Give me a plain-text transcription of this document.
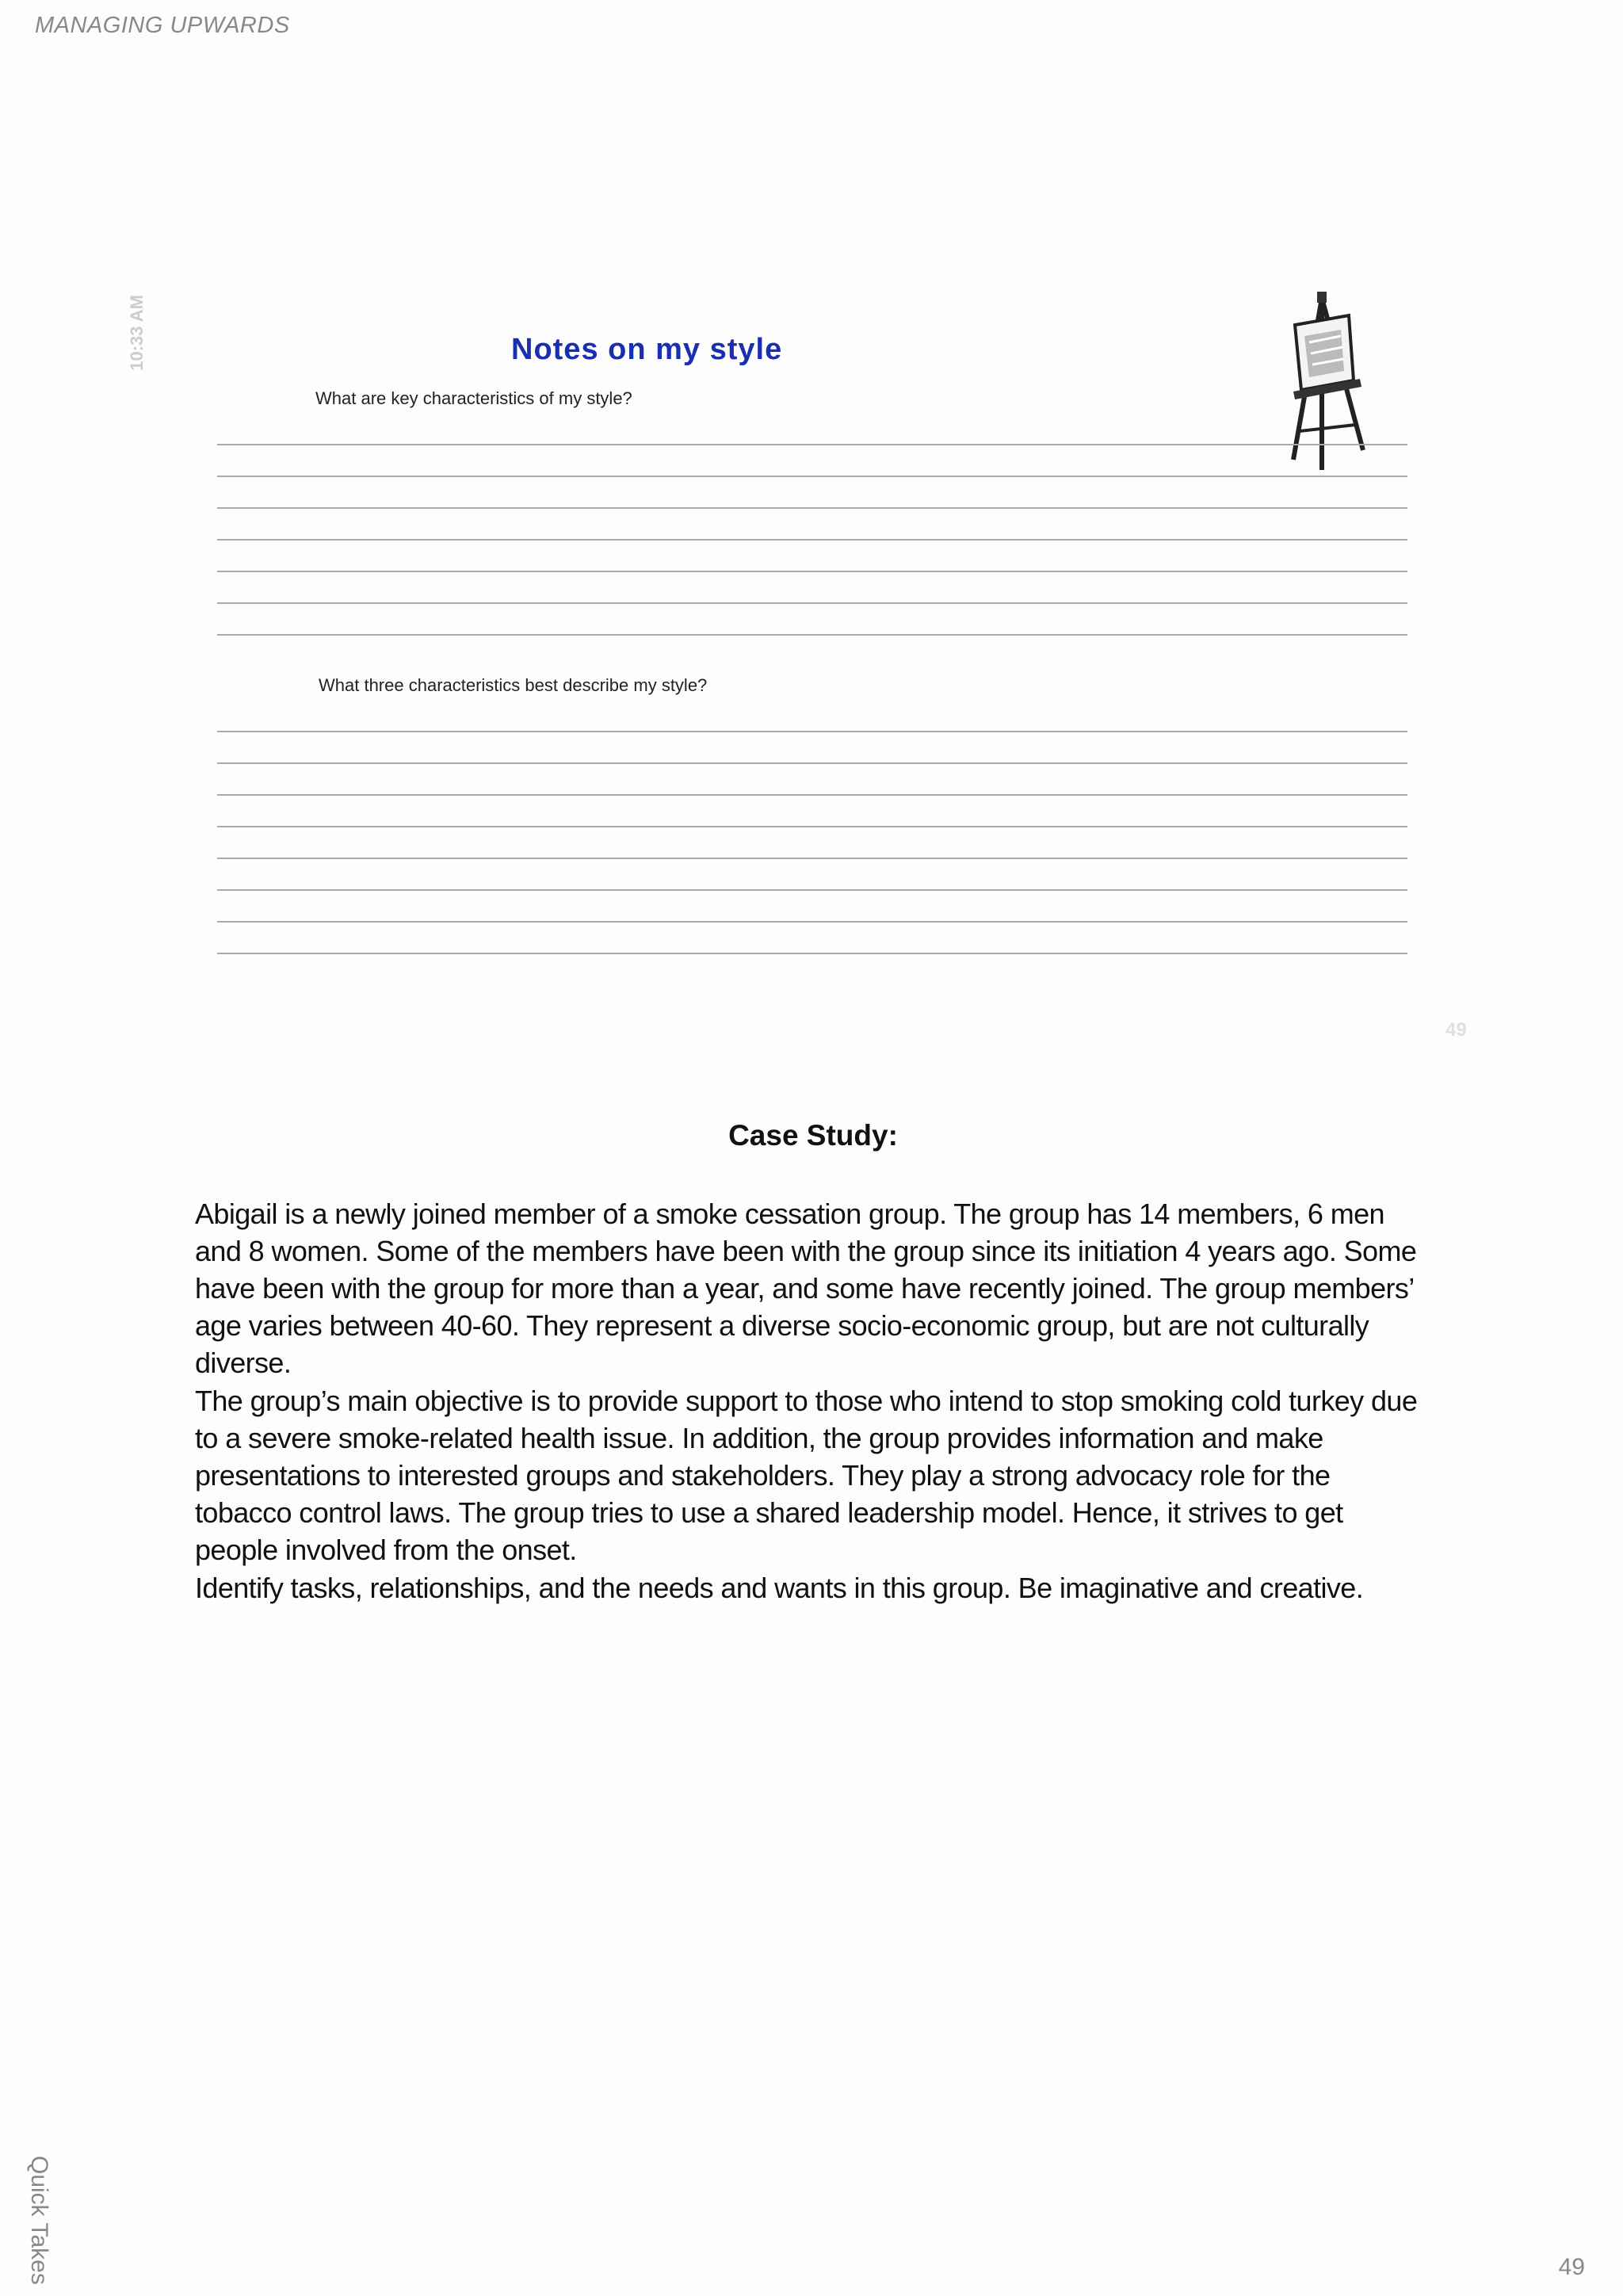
MANAGING UPWARDS
10:33 AM	Notes on my style
What are key characteristics of my style?
What three characteristics best describe my style?
49
Case Study:

Abigail is a newly joined member of a smoke cessation group. The group has 14 members, 6 men and 8 women. Some of the members have been with the group since its initiation 4 years ago. Some have been with the group for more than a year, and some have recently joined. The group members’ age varies between 40-60. They represent a diverse socio-economic group, but are not culturally diverse.

The group’s main objective is to provide support to those who intend to stop smoking cold turkey due to a severe smoke-related health issue. In addition, the group provides information and make presentations to interested groups and stakeholders. They play a strong advocacy role for the tobacco control laws. The group tries to use a shared leadership model. Hence, it strives to get people involved from the onset.

Identify tasks, relationships, and the needs and wants in this group. Be imaginative and creative.

Quick Takes	49
